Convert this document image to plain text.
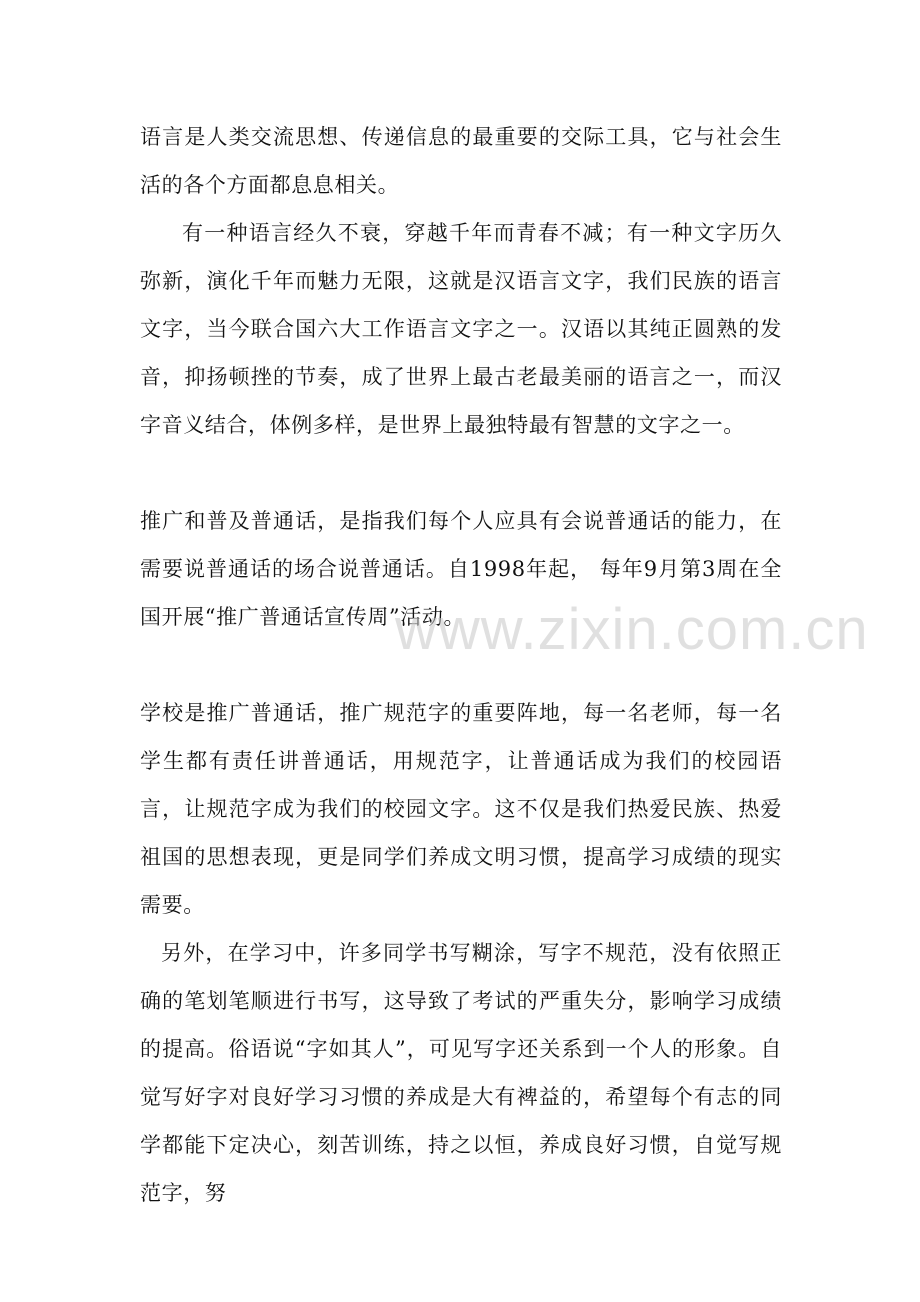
语言是人类交流思想、传递信息的最重要的交际工具，它与社会生活的各个方面都息息相关。

有一种语言经久不衰，穿越千年而青春不减；有一种文字历久弥新，演化千年而魅力无限，这就是汉语言文字，我们民族的语言文字，当今联合国六大工作语言文字之一。汉语以其纯正圆熟的发音，抑扬顿挫的节奏，成了世界上最古老最美丽的语言之一，而汉字音义结合，体例多样，是世界上最独特最有智慧的文字之一。

推广和普及普通话，是指我们每个人应具有会说普通话的能力，在需要说普通话的场合说普通话。自1998年起， 每年9月第3周在全国开展“推广普通话宣传周”活动。

学校是推广普通话，推广规范字的重要阵地，每一名老师，每一名学生都有责任讲普通话，用规范字，让普通话成为我们的校园语言，让规范字成为我们的校园文字。这不仅是我们热爱民族、热爱祖国的思想表现，更是同学们养成文明习惯，提高学习成绩的现实需要。

另外，在学习中，许多同学书写糊涂，写字不规范，没有依照正确的笔划笔顺进行书写，这导致了考试的严重失分，影响学习成绩的提高。俗语说“字如其人”，可见写字还关系到一个人的形象。自觉写好字对良好学习习惯的养成是大有裨益的，希望每个有志的同学都能下定决心，刻苦训练，持之以恒，养成良好习惯，自觉写规范字，努

www.zixin.com.cn
